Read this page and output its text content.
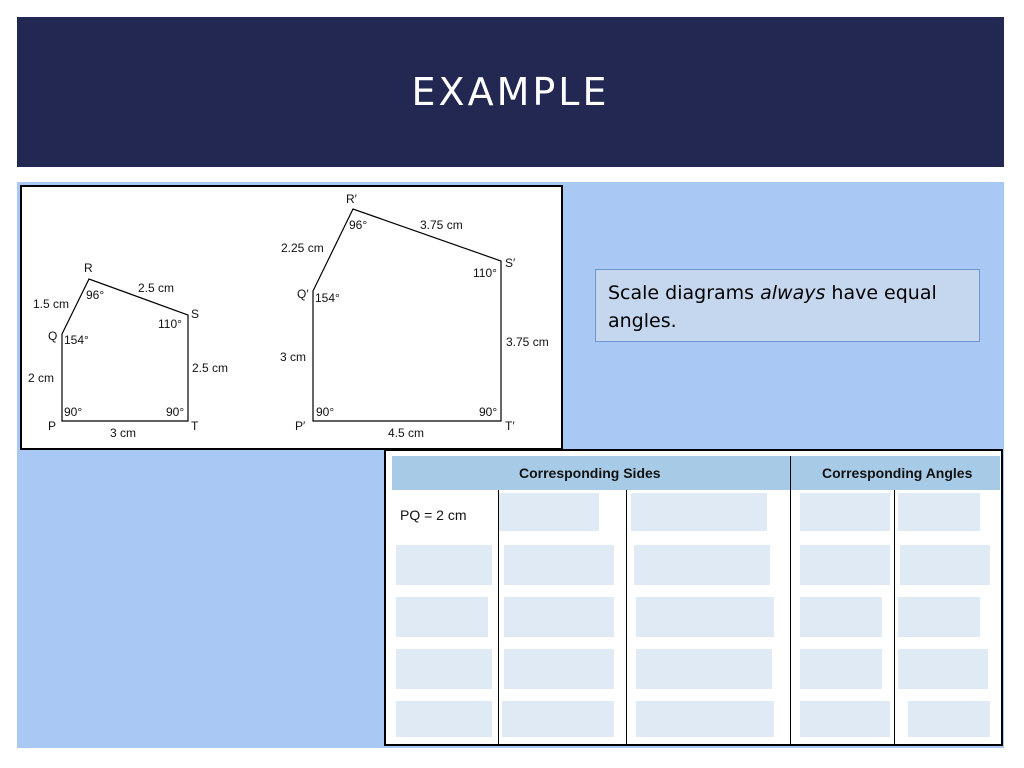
EXAMPLE
P
Q
R
S
T
2 cm
1.5 cm
2.5 cm
2.5 cm
3 cm
90°
154°
96°
110°
90°
P′
Q′
R′
S′
T′
3 cm
2.25 cm
3.75 cm
3.75 cm
4.5 cm
90°
154°
96°
110°
90°
Scale diagrams always have equal angles.
Corresponding Sides	Corresponding Angles
PQ = 2 cm
